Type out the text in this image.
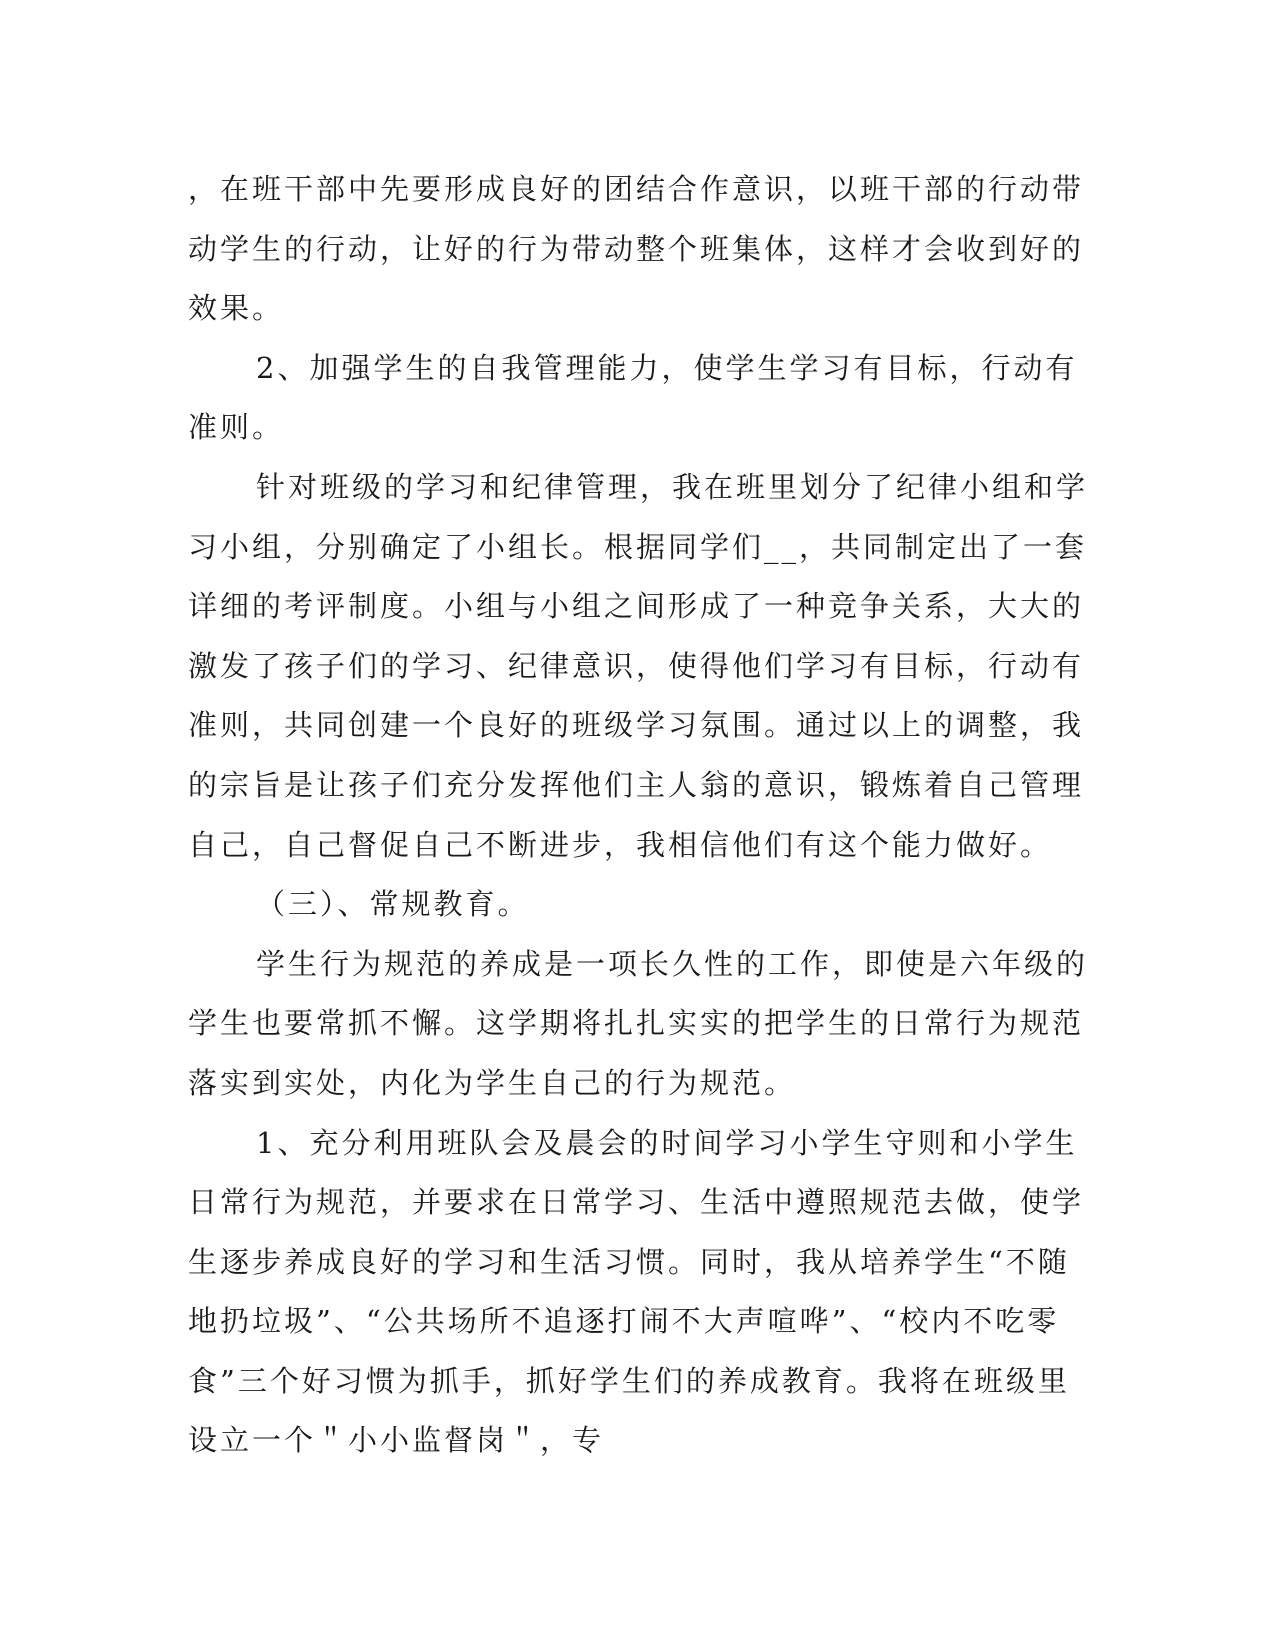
，在班干部中先要形成良好的团结合作意识，以班干部的行动带动学生的行动，让好的行为带动整个班集体，这样才会收到好的效果。

2、加强学生的自我管理能力，使学生学习有目标，行动有准则。

针对班级的学习和纪律管理，我在班里划分了纪律小组和学习小组，分别确定了小组长。根据同学们__，共同制定出了一套详细的考评制度。小组与小组之间形成了一种竞争关系，大大的激发了孩子们的学习、纪律意识，使得他们学习有目标，行动有准则，共同创建一个良好的班级学习氛围。通过以上的调整，我的宗旨是让孩子们充分发挥他们主人翁的意识，锻炼着自己管理自己，自己督促自己不断进步，我相信他们有这个能力做好。

（三）、常规教育。

学生行为规范的养成是一项长久性的工作，即使是六年级的学生也要常抓不懈。这学期将扎扎实实的把学生的日常行为规范落实到实处，内化为学生自己的行为规范。

1、充分利用班队会及晨会的时间学习小学生守则和小学生日常行为规范，并要求在日常学习、生活中遵照规范去做，使学生逐步养成良好的学习和生活习惯。同时，我从培养学生“不随地扔垃圾”、“公共场所不追逐打闹不大声喧哗”、“校内不吃零食”三个好习惯为抓手，抓好学生们的养成教育。我将在班级里设立一个＂小小监督岗＂，专
